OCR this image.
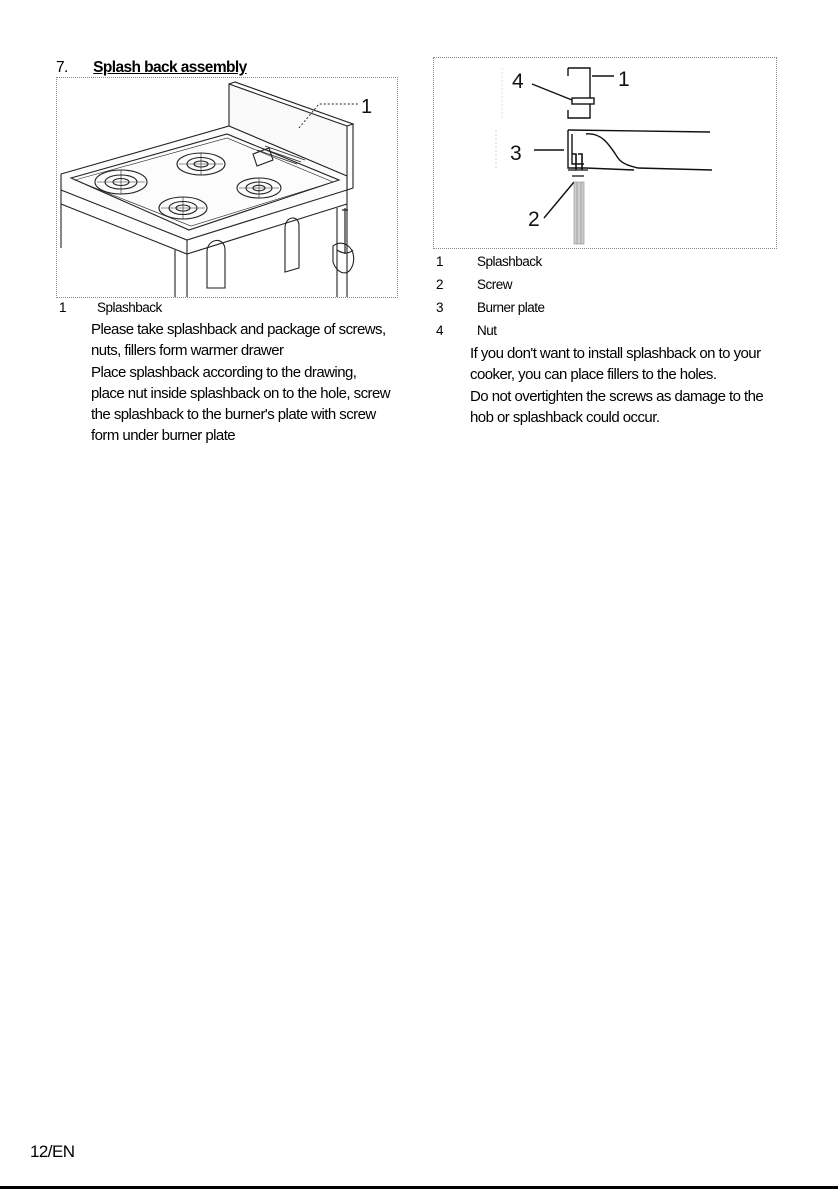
7. Splash back assembly
1
1 Splashback
Please take splashback and package of screws,
nuts, fillers form warmer drawer
Place splashback according to the drawing,
place nut inside splashback on to the hole, screw
the splashback to the burner's plate with screw
form under burner plate
4	1
3
2
1	Splashback
2	Screw
3	Burner plate
4	Nut
If you don't want to install splashback on to your
cooker, you can place fillers to the holes.
Do not overtighten the screws as damage to the
hob or splashback could occur.
12/EN
